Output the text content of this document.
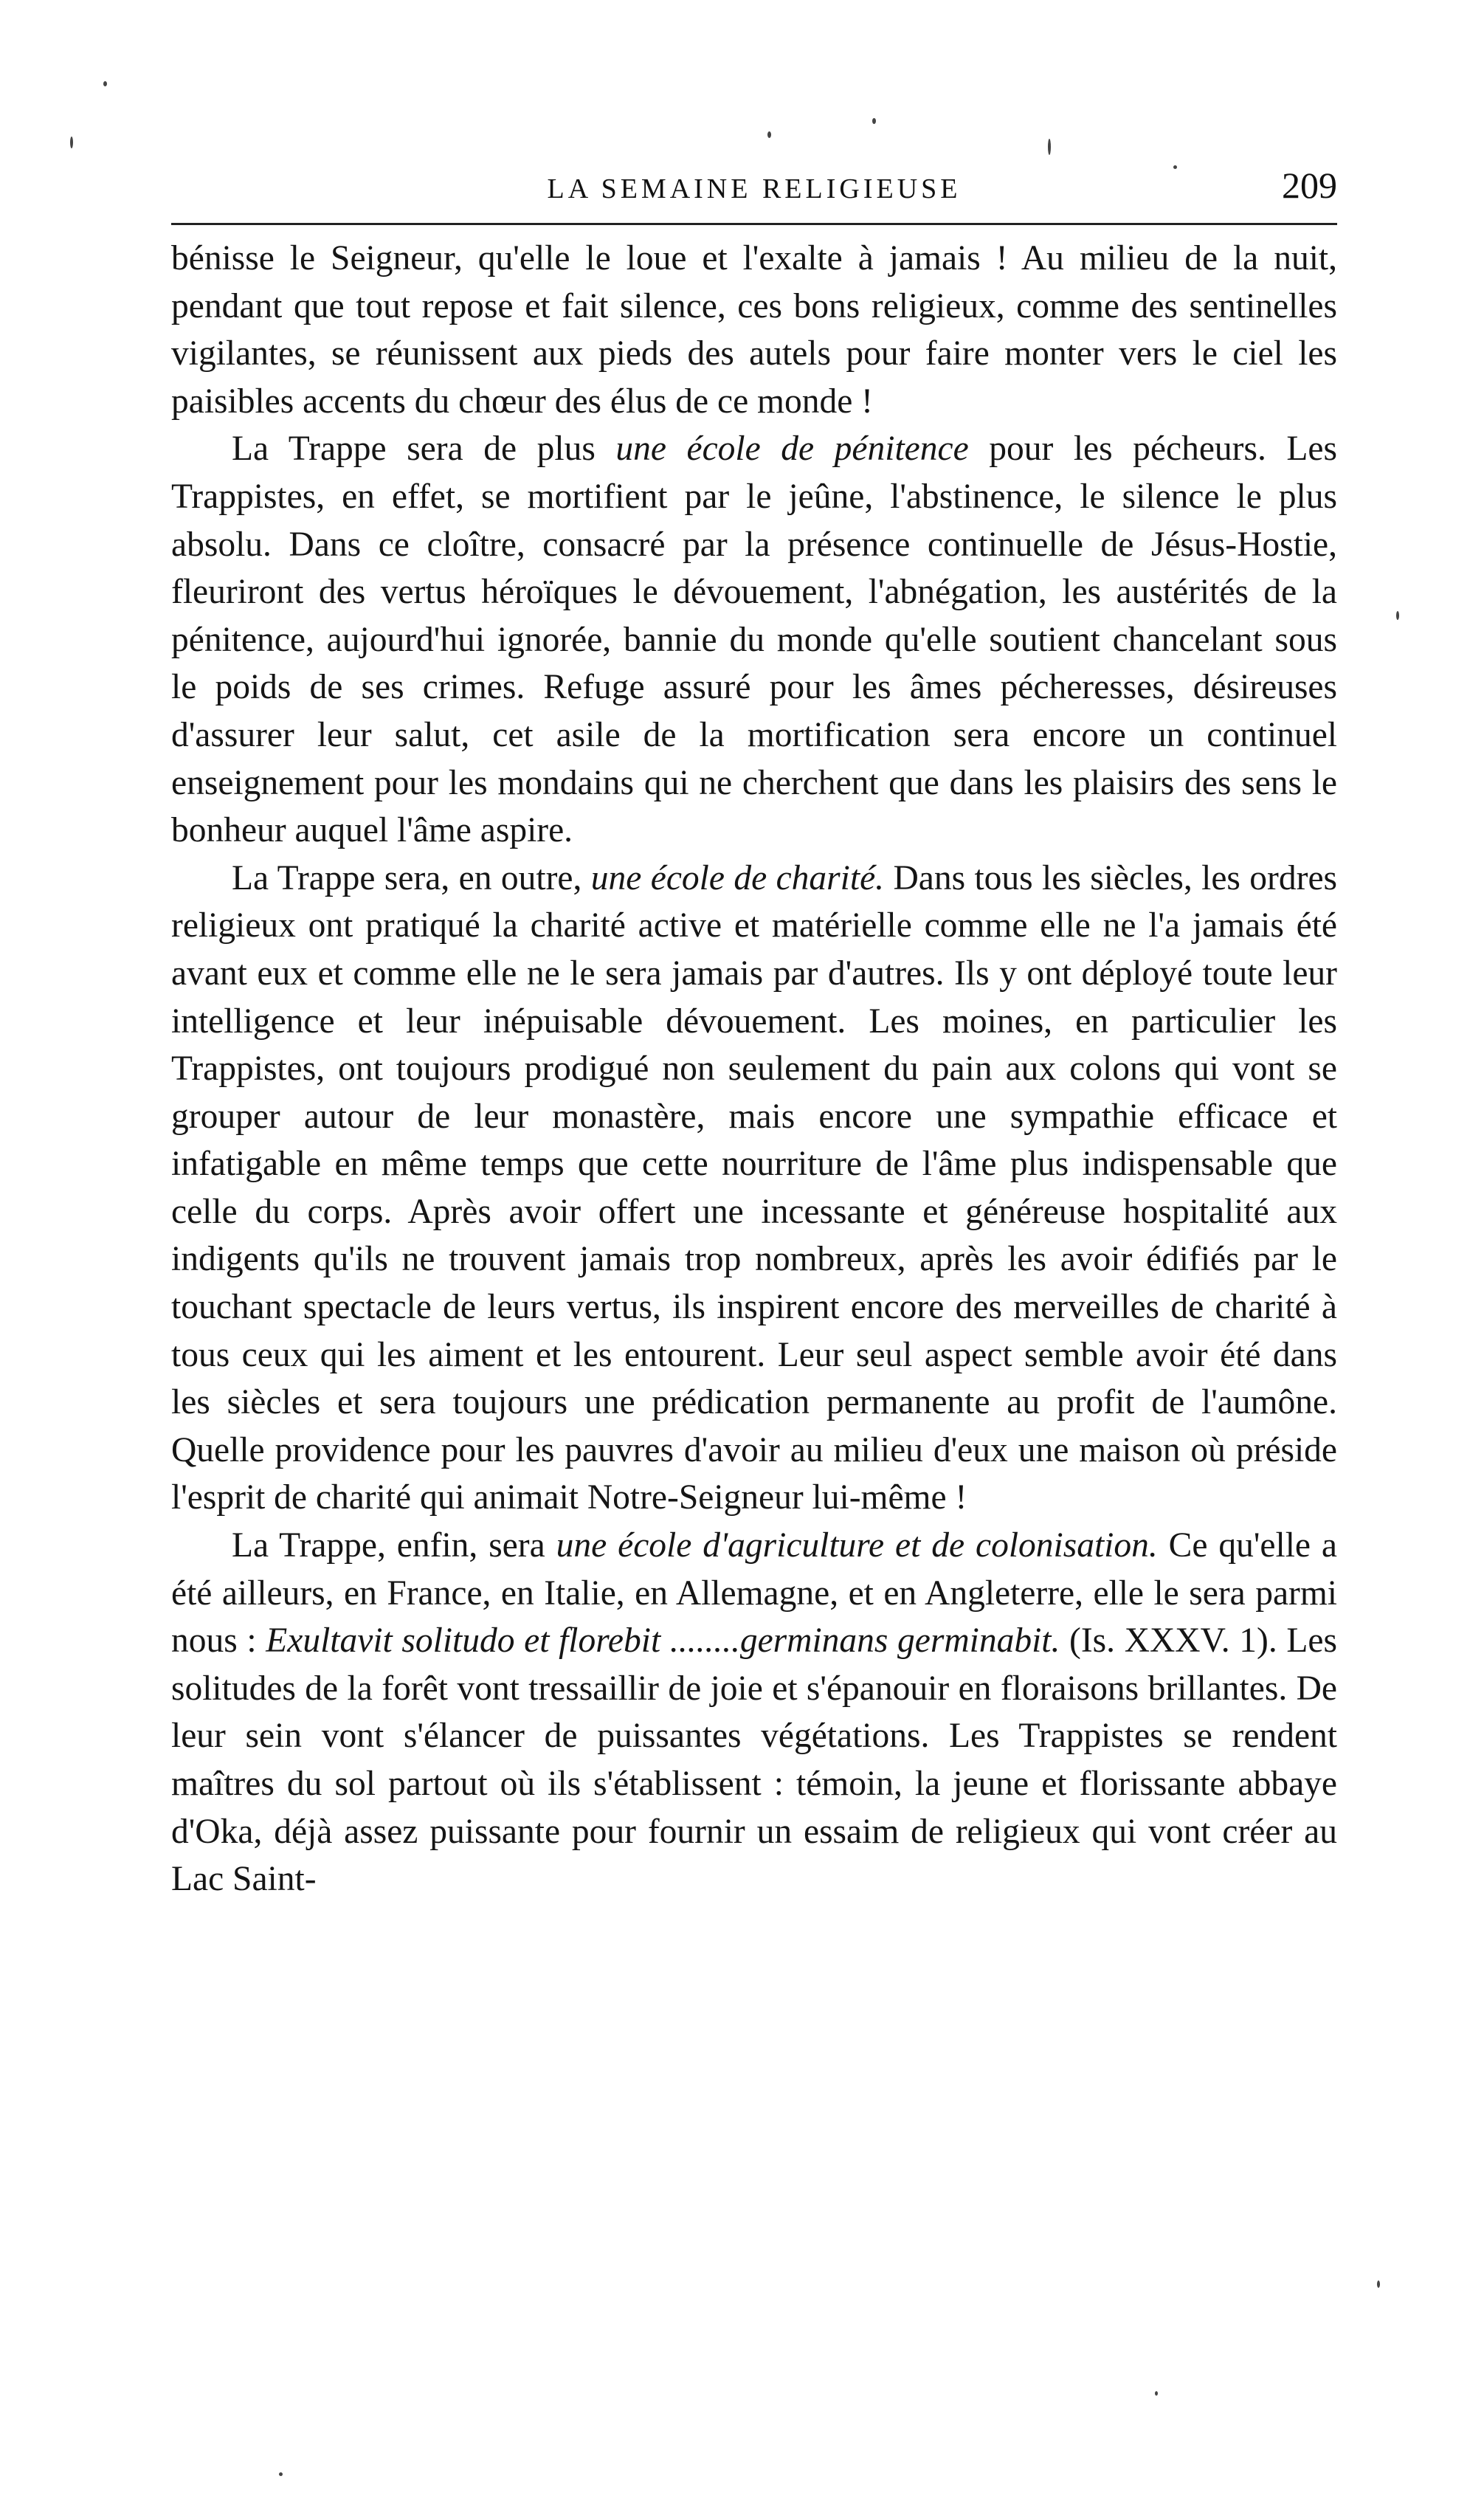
LA SEMAINE RELIGIEUSE	209

bénisse le Seigneur, qu'elle le loue et l'exalte à jamais ! Au milieu de la nuit, pendant que tout repose et fait silence, ces bons religieux, comme des sentinelles vigilantes, se réunissent aux pieds des autels pour faire monter vers le ciel les paisibles accents du chœur des élus de ce monde !

La Trappe sera de plus une école de pénitence pour les pécheurs. Les Trappistes, en effet, se mortifient par le jeûne, l'abstinence, le silence le plus absolu. Dans ce cloître, consacré par la présence continuelle de Jésus-Hostie, fleuriront des vertus héroïques le dévouement, l'abnégation, les austérités de la pénitence, aujourd'hui ignorée, bannie du monde qu'elle soutient chancelant sous le poids de ses crimes. Refuge assuré pour les âmes pécheresses, désireuses d'assurer leur salut, cet asile de la mortification sera encore un continuel enseignement pour les mondains qui ne cherchent que dans les plaisirs des sens le bonheur auquel l'âme aspire.

La Trappe sera, en outre, une école de charité. Dans tous les siècles, les ordres religieux ont pratiqué la charité active et matérielle comme elle ne l'a jamais été avant eux et comme elle ne le sera jamais par d'autres. Ils y ont déployé toute leur intelligence et leur inépuisable dévouement. Les moines, en particulier les Trappistes, ont toujours prodigué non seulement du pain aux colons qui vont se grouper autour de leur monastère, mais encore une sympathie efficace et infatigable en même temps que cette nourriture de l'âme plus indispensable que celle du corps. Après avoir offert une incessante et généreuse hospitalité aux indigents qu'ils ne trouvent jamais trop nombreux, après les avoir édifiés par le touchant spectacle de leurs vertus, ils inspirent encore des merveilles de charité à tous ceux qui les aiment et les entourent. Leur seul aspect semble avoir été dans les siècles et sera toujours une prédication permanente au profit de l'aumône. Quelle providence pour les pauvres d'avoir au milieu d'eux une maison où préside l'esprit de charité qui animait Notre-Seigneur lui-même !

La Trappe, enfin, sera une école d'agriculture et de colonisation. Ce qu'elle a été ailleurs, en France, en Italie, en Allemagne, et en Angleterre, elle le sera parmi nous : Exultavit solitudo et florebit ........germinans germinabit. (Is. XXXV. 1). Les solitudes de la forêt vont tressaillir de joie et s'épanouir en floraisons brillantes. De leur sein vont s'élancer de puissantes végétations. Les Trappistes se rendent maîtres du sol partout où ils s'établissent : témoin, la jeune et florissante abbaye d'Oka, déjà assez puissante pour fournir un essaim de religieux qui vont créer au Lac Saint-
